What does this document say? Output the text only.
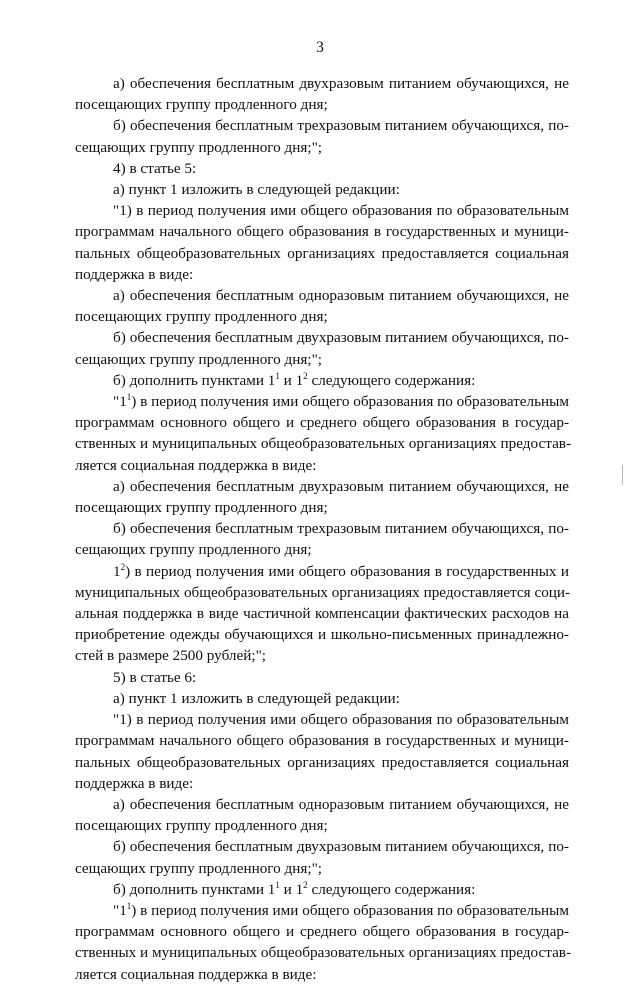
3
а) обеспечения бесплатным двухразовым питанием обучающихся, не
посещающих группу продленного дня;
б) обеспечения бесплатным трехразовым питанием обучающихся, по-
сещающих группу продленного дня;";
4) в статье 5:
а) пункт 1 изложить в следующей редакции:
"1) в период получения ими общего образования по образовательным
программам начального общего образования в государственных и муници-
пальных общеобразовательных организациях предоставляется социальная
поддержка в виде:
а) обеспечения бесплатным одноразовым питанием обучающихся, не
посещающих группу продленного дня;
б) обеспечения бесплатным двухразовым питанием обучающихся, по-
сещающих группу продленного дня;";
б) дополнить пунктами $1^1$ и $1^2$ следующего содержания:
"$1^1$) в период получения ими общего образования по образовательным
программам основного общего и среднего общего образования в государ-
ственных и муниципальных общеобразовательных организациях предостав-
ляется социальная поддержка в виде:
а) обеспечения бесплатным двухразовым питанием обучающихся, не
посещающих группу продленного дня;
б) обеспечения бесплатным трехразовым питанием обучающихся, по-
сещающих группу продленного дня;
$1^2$) в период получения ими общего образования в государственных и
муниципальных общеобразовательных организациях предоставляется соци-
альная поддержка в виде частичной компенсации фактических расходов на
приобретение одежды обучающихся и школьно-письменных принадлежно-
стей в размере 2500 рублей;";
5) в статье 6:
а) пункт 1 изложить в следующей редакции:
"1) в период получения ими общего образования по образовательным
программам начального общего образования в государственных и муници-
пальных общеобразовательных организациях предоставляется социальная
поддержка в виде:
а) обеспечения бесплатным одноразовым питанием обучающихся, не
посещающих группу продленного дня;
б) обеспечения бесплатным двухразовым питанием обучающихся, по-
сещающих группу продленного дня;";
б) дополнить пунктами $1^1$ и $1^2$ следующего содержания:
"$1^1$) в период получения ими общего образования по образовательным
программам основного общего и среднего общего образования в государ-
ственных и муниципальных общеобразовательных организациях предостав-
ляется социальная поддержка в виде:
